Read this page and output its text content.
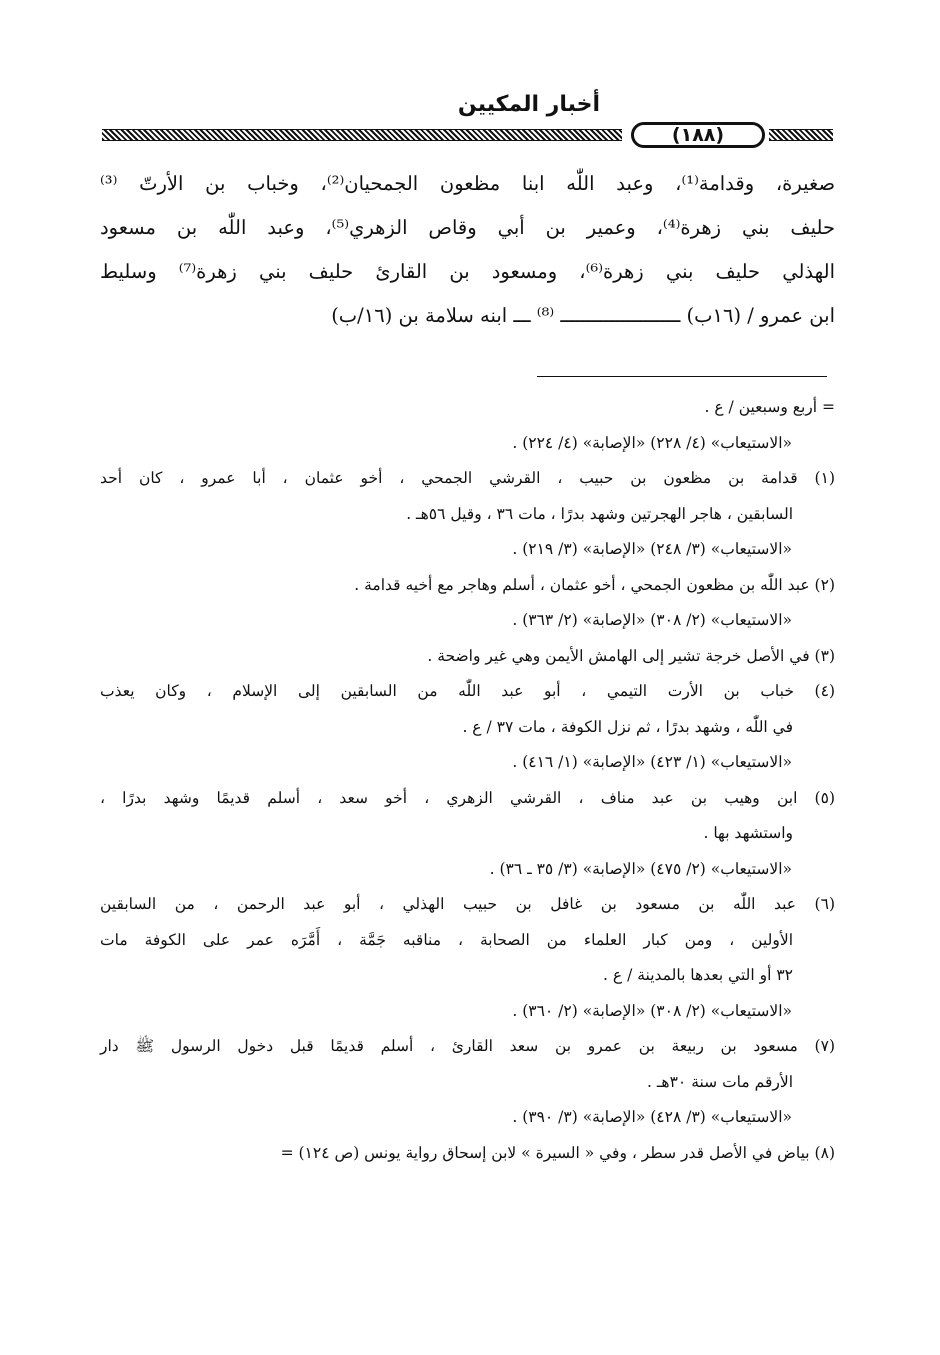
أخبار المكيين
(١٨٨)
صغيرة، وقدامة⁽¹⁾، وعبد اللّٰه ابنا مظعون الجمحيان⁽²⁾، وخباب بن الأرتّ ⁽³⁾
حليف بني زهرة⁽⁴⁾، وعمير بن أبي وقاص الزهري⁽⁵⁾، وعبد اللّٰه بن مسعود
الهذلي حليف بني زهرة⁽⁶⁾، ومسعود بن القارئ حليف بني زهرة⁽⁷⁾ وسليط
ابن عمرو / (١٦ب) ـــــــــــــــــــــ ⁽⁸⁾ ـــ ابنه سلامة بن (١٦/ب)
= أربع وسبعين / ع .
«الاستيعاب» (٤/ ٢٢٨) «الإصابة» (٤/ ٢٢٤) .
(١) قدامة بن مظعون بن حبيب ، القرشي الجمحي ، أخو عثمان ، أبا عمرو ، كان أحد
السابقين ، هاجر الهجرتين وشهد بدرًا ، مات ٣٦ ، وقيل ٥٦هـ .
«الاستيعاب» (٣/ ٢٤٨) «الإصابة» (٣/ ٢١٩) .
(٢) عبد اللّٰه بن مظعون الجمحي ، أخو عثمان ، أسلم وهاجر مع أخيه قدامة .
«الاستيعاب» (٢/ ٣٠٨) «الإصابة» (٢/ ٣٦٣) .
(٣) في الأصل خرجة تشير إلى الهامش الأيمن وهي غير واضحة .
(٤) خباب بن الأرت التيمي ، أبو عبد اللّٰه من السابقين إلى الإسلام ، وكان يعذب
في اللّٰه ، وشهد بدرًا ، ثم نزل الكوفة ، مات ٣٧ / ع .
«الاستيعاب» (١/ ٤٢٣) «الإصابة» (١/ ٤١٦) .
(٥) ابن وهيب بن عبد مناف ، القرشي الزهري ، أخو سعد ، أسلم قديمًا وشهد بدرًا ،
واستشهد بها .
«الاستيعاب» (٢/ ٤٧٥) «الإصابة» (٣/ ٣٥ ـ ٣٦) .
(٦) عبد اللّٰه بن مسعود بن غافل بن حبيب الهذلي ، أبو عبد الرحمن ، من السابقين
الأولين ، ومن كبار العلماء من الصحابة ، مناقبه جَمَّة ، أَمَّرَه عمر على الكوفة مات
٣٢ أو التي بعدها بالمدينة / ع .
«الاستيعاب» (٢/ ٣٠٨) «الإصابة» (٢/ ٣٦٠) .
(٧) مسعود بن ربيعة بن عمرو بن سعد القارئ ، أسلم قديمًا قبل دخول الرسول ﷺ دار
الأرقم مات سنة ٣٠هـ .
«الاستيعاب» (٣/ ٤٢٨) «الإصابة» (٣/ ٣٩٠) .
(٨) بياض في الأصل قدر سطر ، وفي « السيرة » لابن إسحاق رواية يونس (ص ١٢٤) =
